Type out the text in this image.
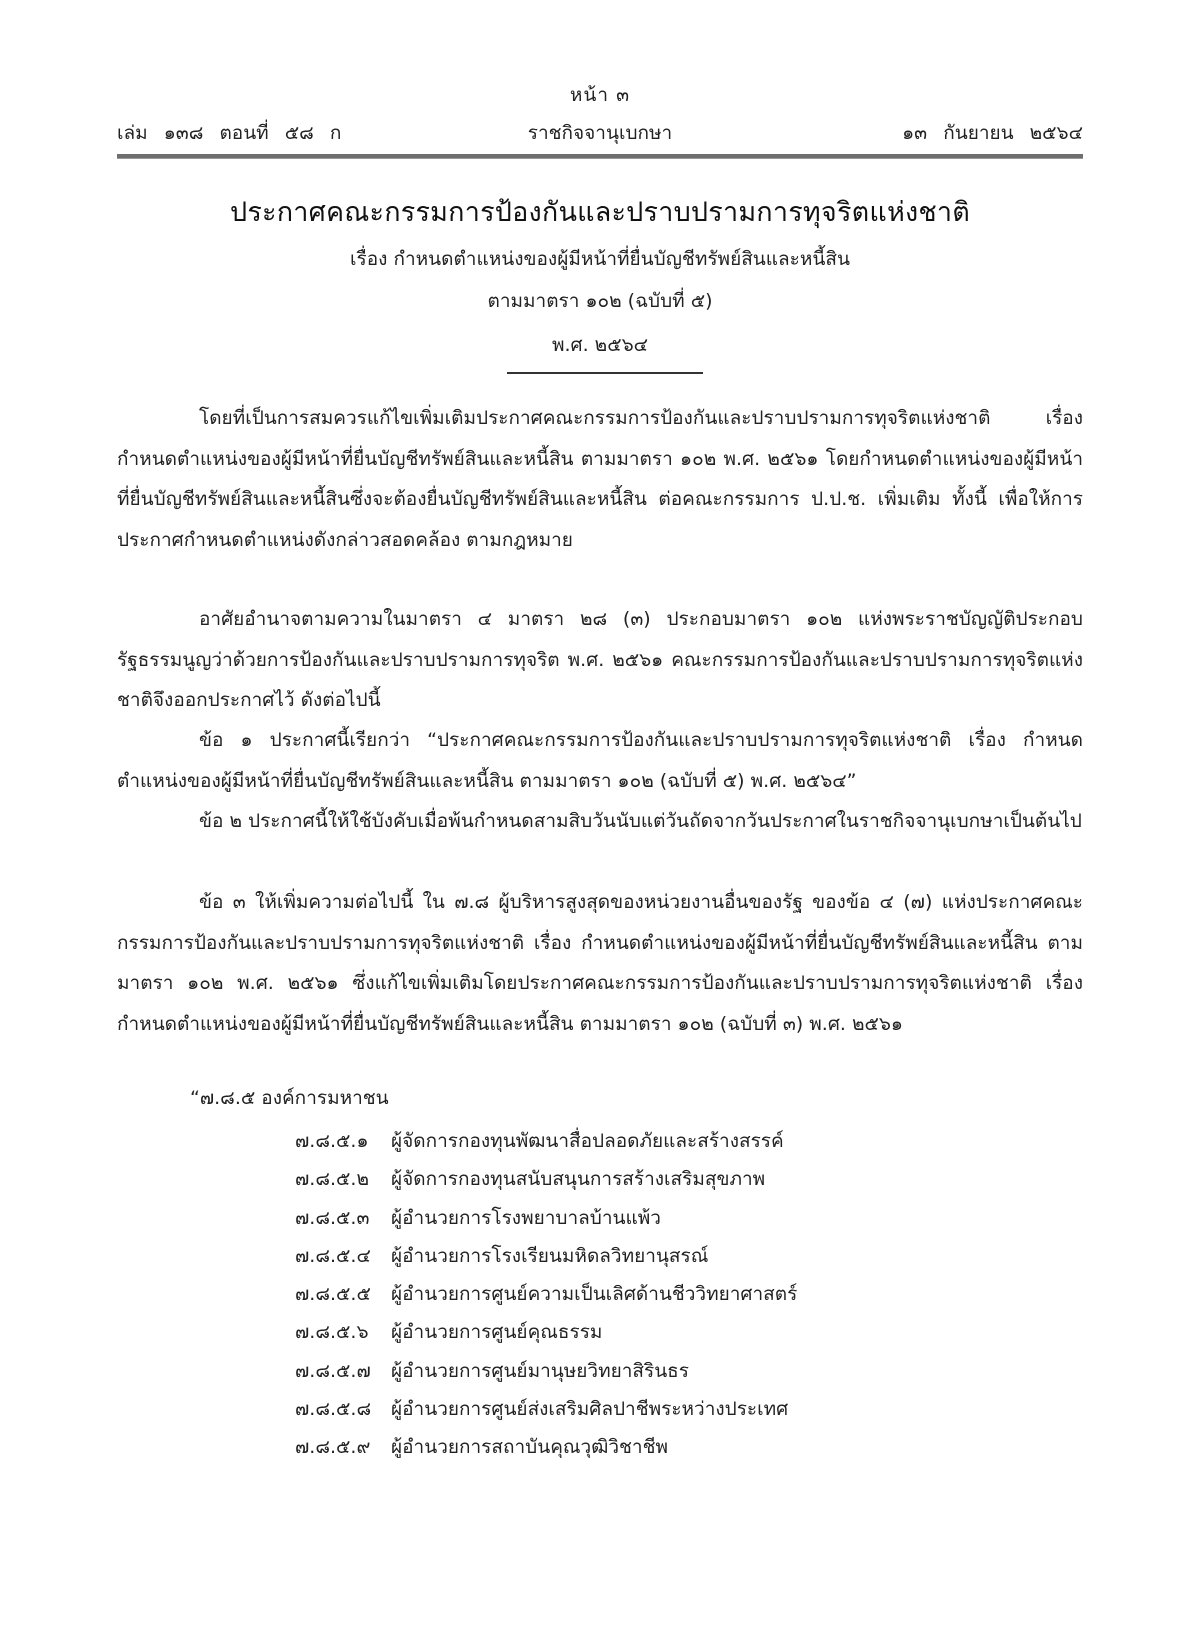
หน้า ๓
เล่ม ๑๓๘ ตอนที่ ๕๘ ก	ราชกิจจานุเบกษา	๑๓ กันยายน ๒๕๖๔
ประกาศคณะกรรมการป้องกันและปราบปรามการทุจริตแห่งชาติ
เรื่อง กำหนดตำแหน่งของผู้มีหน้าที่ยื่นบัญชีทรัพย์สินและหนี้สิน
ตามมาตรา ๑๐๒ (ฉบับที่ ๕)
พ.ศ. ๒๕๖๔

โดยที่เป็นการสมควรแก้ไขเพิ่มเติมประกาศคณะกรรมการป้องกันและปราบปรามการทุจริตแห่งชาติ เรื่อง กำหนดตำแหน่งของผู้มีหน้าที่ยื่นบัญชีทรัพย์สินและหนี้สิน ตามมาตรา ๑๐๒ พ.ศ. ๒๕๖๑ โดยกำหนดตำแหน่งของผู้มีหน้าที่ยื่นบัญชีทรัพย์สินและหนี้สินซึ่งจะต้องยื่นบัญชีทรัพย์สินและหนี้สิน ต่อคณะกรรมการ ป.ป.ช. เพิ่มเติม ทั้งนี้ เพื่อให้การประกาศกำหนดตำแหน่งดังกล่าวสอดคล้อง ตามกฎหมาย

อาศัยอำนาจตามความในมาตรา ๔ มาตรา ๒๘ (๓) ประกอบมาตรา ๑๐๒ แห่งพระราชบัญญัติประกอบรัฐธรรมนูญว่าด้วยการป้องกันและปราบปรามการทุจริต พ.ศ. ๒๕๖๑ คณะกรรมการป้องกันและปราบปรามการทุจริตแห่งชาติจึงออกประกาศไว้ ดังต่อไปนี้

ข้อ ๑ ประกาศนี้เรียกว่า “ประกาศคณะกรรมการป้องกันและปราบปรามการทุจริตแห่งชาติ เรื่อง กำหนดตำแหน่งของผู้มีหน้าที่ยื่นบัญชีทรัพย์สินและหนี้สิน ตามมาตรา ๑๐๒ (ฉบับที่ ๕) พ.ศ. ๒๕๖๔”

ข้อ ๒ ประกาศนี้ให้ใช้บังคับเมื่อพ้นกำหนดสามสิบวันนับแต่วันถัดจากวันประกาศในราชกิจจานุเบกษาเป็นต้นไป

ข้อ ๓ ให้เพิ่มความต่อไปนี้ ใน ๗.๘ ผู้บริหารสูงสุดของหน่วยงานอื่นของรัฐ ของข้อ ๔ (๗) แห่งประกาศคณะกรรมการป้องกันและปราบปรามการทุจริตแห่งชาติ เรื่อง กำหนดตำแหน่งของผู้มีหน้าที่ยื่นบัญชีทรัพย์สินและหนี้สิน ตามมาตรา ๑๐๒ พ.ศ. ๒๕๖๑ ซึ่งแก้ไขเพิ่มเติมโดยประกาศคณะกรรมการป้องกันและปราบปรามการทุจริตแห่งชาติ เรื่อง กำหนดตำแหน่งของผู้มีหน้าที่ยื่นบัญชีทรัพย์สินและหนี้สิน ตามมาตรา ๑๐๒ (ฉบับที่ ๓) พ.ศ. ๒๕๖๑

“๗.๘.๕ องค์การมหาชน
๗.๘.๕.๑ ผู้จัดการกองทุนพัฒนาสื่อปลอดภัยและสร้างสรรค์
๗.๘.๕.๒ ผู้จัดการกองทุนสนับสนุนการสร้างเสริมสุขภาพ
๗.๘.๕.๓ ผู้อำนวยการโรงพยาบาลบ้านแพ้ว
๗.๘.๕.๔ ผู้อำนวยการโรงเรียนมหิดลวิทยานุสรณ์
๗.๘.๕.๕ ผู้อำนวยการศูนย์ความเป็นเลิศด้านชีววิทยาศาสตร์
๗.๘.๕.๖ ผู้อำนวยการศูนย์คุณธรรม
๗.๘.๕.๗ ผู้อำนวยการศูนย์มานุษยวิทยาสิรินธร
๗.๘.๕.๘ ผู้อำนวยการศูนย์ส่งเสริมศิลปาชีพระหว่างประเทศ
๗.๘.๕.๙ ผู้อำนวยการสถาบันคุณวุฒิวิชาชีพ
